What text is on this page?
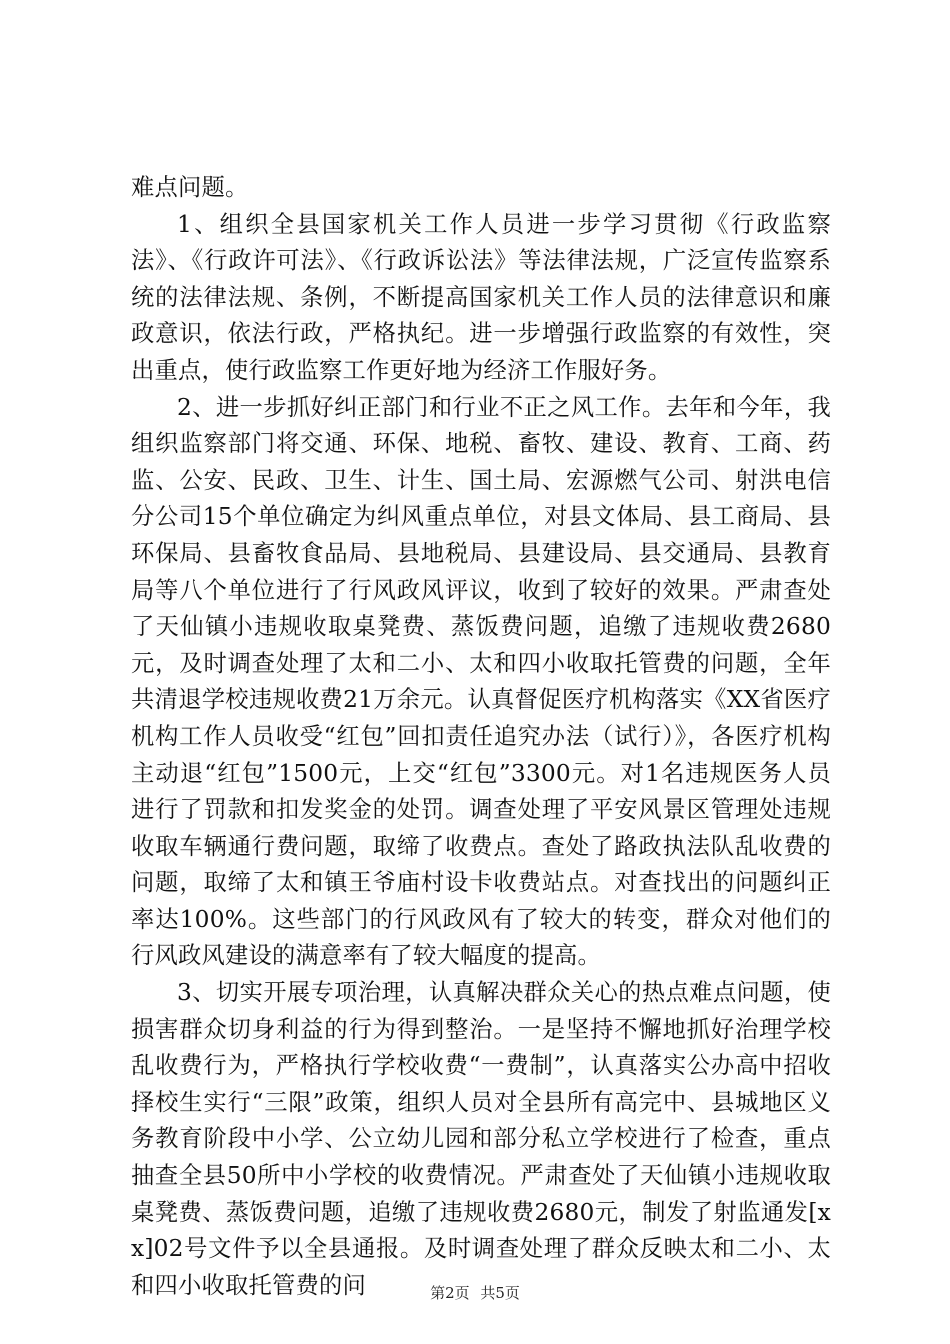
难点问题。

1、组织全县国家机关工作人员进一步学习贯彻《行政监察法》、《行政许可法》、《行政诉讼法》等法律法规，广泛宣传监察系统的法律法规、条例，不断提高国家机关工作人员的法律意识和廉政意识，依法行政，严格执纪。进一步增强行政监察的有效性，突出重点，使行政监察工作更好地为经济工作服好务。

2、进一步抓好纠正部门和行业不正之风工作。去年和今年，我组织监察部门将交通、环保、地税、畜牧、建设、教育、工商、药监、公安、民政、卫生、计生、国土局、宏源燃气公司、射洪电信分公司15个单位确定为纠风重点单位，对县文体局、县工商局、县环保局、县畜牧食品局、县地税局、县建设局、县交通局、县教育局等八个单位进行了行风政风评议，收到了较好的效果。严肃查处了天仙镇小违规收取桌凳费、蒸饭费问题，追缴了违规收费2680元，及时调查处理了太和二小、太和四小收取托管费的问题，全年共清退学校违规收费21万余元。认真督促医疗机构落实《XX省医疗机构工作人员收受“红包”回扣责任追究办法（试行）》，各医疗机构主动退“红包”1500元，上交“红包”3300元。对1名违规医务人员进行了罚款和扣发奖金的处罚。调查处理了平安风景区管理处违规收取车辆通行费问题，取缔了收费点。查处了路政执法队乱收费的问题，取缔了太和镇王爷庙村设卡收费站点。对查找出的问题纠正率达100%。这些部门的行风政风有了较大的转变，群众对他们的行风政风建设的满意率有了较大幅度的提高。

3、切实开展专项治理，认真解决群众关心的热点难点问题，使损害群众切身利益的行为得到整治。一是坚持不懈地抓好治理学校乱收费行为，严格执行学校收费“一费制”，认真落实公办高中招收择校生实行“三限”政策，组织人员对全县所有高完中、县城地区义务教育阶段中小学、公立幼儿园和部分私立学校进行了检查，重点抽查全县50所中小学校的收费情况。严肃查处了天仙镇小违规收取桌凳费、蒸饭费问题，追缴了违规收费2680元，制发了射监通发[xx]02号文件予以全县通报。及时调查处理了群众反映太和二小、太和四小收取托管费的问	第2页 共5页
